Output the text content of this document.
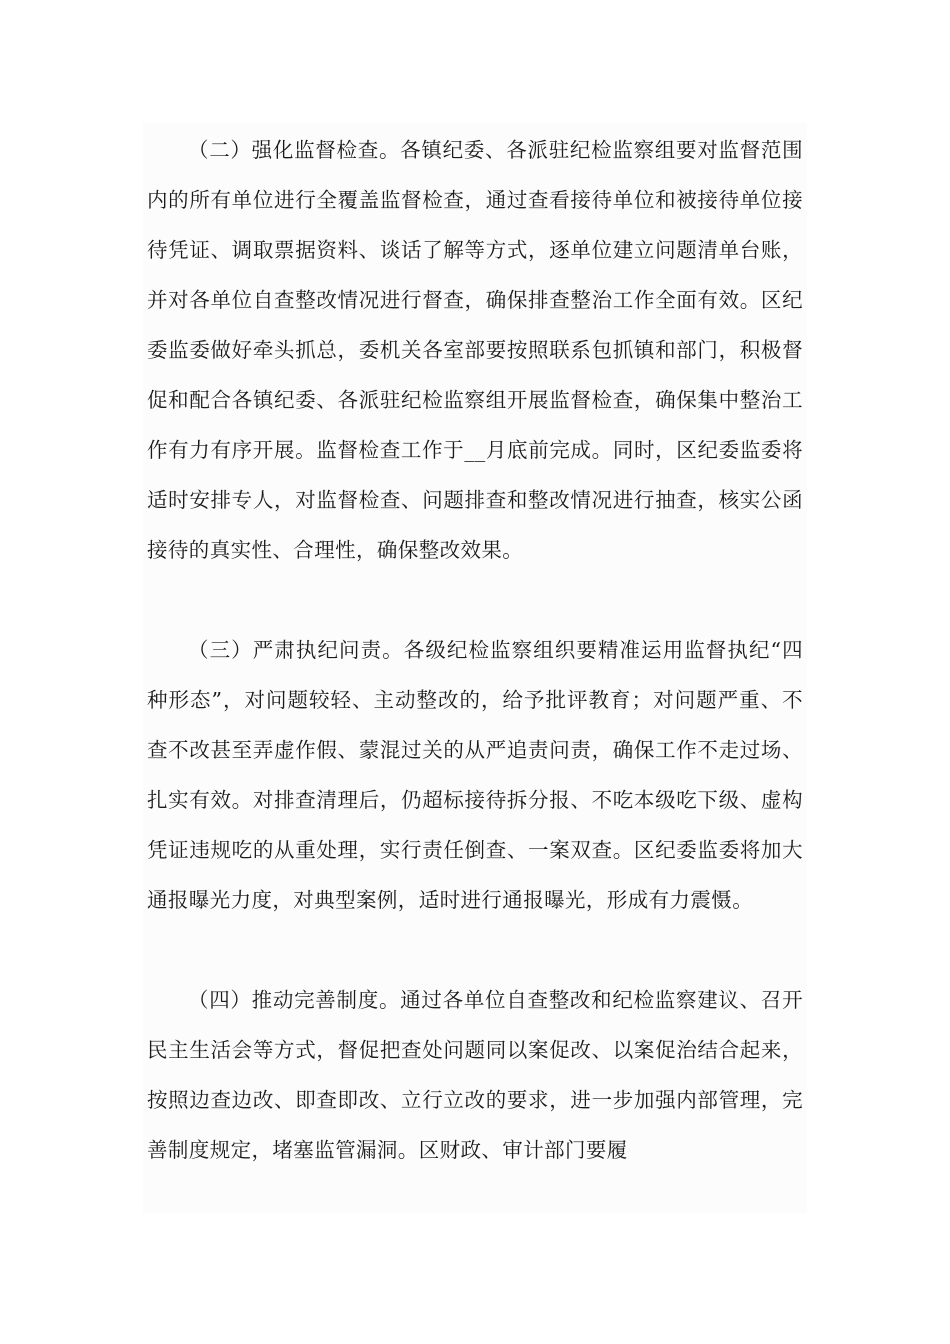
（二）强化监督检查。各镇纪委、各派驻纪检监察组要对监督范围内的所有单位进行全覆盖监督检查，通过查看接待单位和被接待单位接待凭证、调取票据资料、谈话了解等方式，逐单位建立问题清单台账，并对各单位自查整改情况进行督查，确保排查整治工作全面有效。区纪委监委做好牵头抓总，委机关各室部要按照联系包抓镇和部门，积极督促和配合各镇纪委、各派驻纪检监察组开展监督检查，确保集中整治工作有力有序开展。监督检查工作于__月底前完成。同时，区纪委监委将适时安排专人，对监督检查、问题排查和整改情况进行抽查，核实公函接待的真实性、合理性，确保整改效果。

（三）严肃执纪问责。各级纪检监察组织要精准运用监督执纪“四种形态”，对问题较轻、主动整改的，给予批评教育；对问题严重、不查不改甚至弄虚作假、蒙混过关的从严追责问责，确保工作不走过场、扎实有效。对排查清理后，仍超标接待拆分报、不吃本级吃下级、虚构凭证违规吃的从重处理，实行责任倒查、一案双查。区纪委监委将加大通报曝光力度，对典型案例，适时进行通报曝光，形成有力震慑。

（四）推动完善制度。通过各单位自查整改和纪检监察建议、召开民主生活会等方式，督促把查处问题同以案促改、以案促治结合起来，按照边查边改、即查即改、立行立改的要求，进一步加强内部管理，完善制度规定，堵塞监管漏洞。区财政、审计部门要履
